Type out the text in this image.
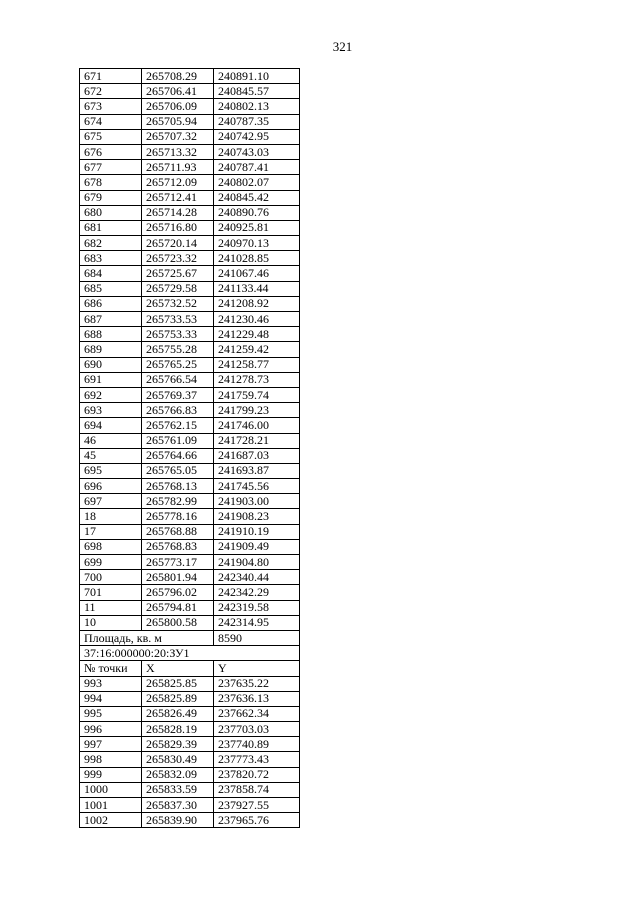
321
671	265708.29	240891.10
672	265706.41	240845.57
673	265706.09	240802.13
674	265705.94	240787.35
675	265707.32	240742.95
676	265713.32	240743.03
677	265711.93	240787.41
678	265712.09	240802.07
679	265712.41	240845.42
680	265714.28	240890.76
681	265716.80	240925.81
682	265720.14	240970.13
683	265723.32	241028.85
684	265725.67	241067.46
685	265729.58	241133.44
686	265732.52	241208.92
687	265733.53	241230.46
688	265753.33	241229.48
689	265755.28	241259.42
690	265765.25	241258.77
691	265766.54	241278.73
692	265769.37	241759.74
693	265766.83	241799.23
694	265762.15	241746.00
46	265761.09	241728.21
45	265764.66	241687.03
695	265765.05	241693.87
696	265768.13	241745.56
697	265782.99	241903.00
18	265778.16	241908.23
17	265768.88	241910.19
698	265768.83	241909.49
699	265773.17	241904.80
700	265801.94	242340.44
701	265796.02	242342.29
11	265794.81	242319.58
10	265800.58	242314.95
Площадь, кв. м		8590
37:16:000000:20:ЗУ1		
№ точки	X	Y
993	265825.85	237635.22
994	265825.89	237636.13
995	265826.49	237662.34
996	265828.19	237703.03
997	265829.39	237740.89
998	265830.49	237773.43
999	265832.09	237820.72
1000	265833.59	237858.74
1001	265837.30	237927.55
1002	265839.90	237965.76
